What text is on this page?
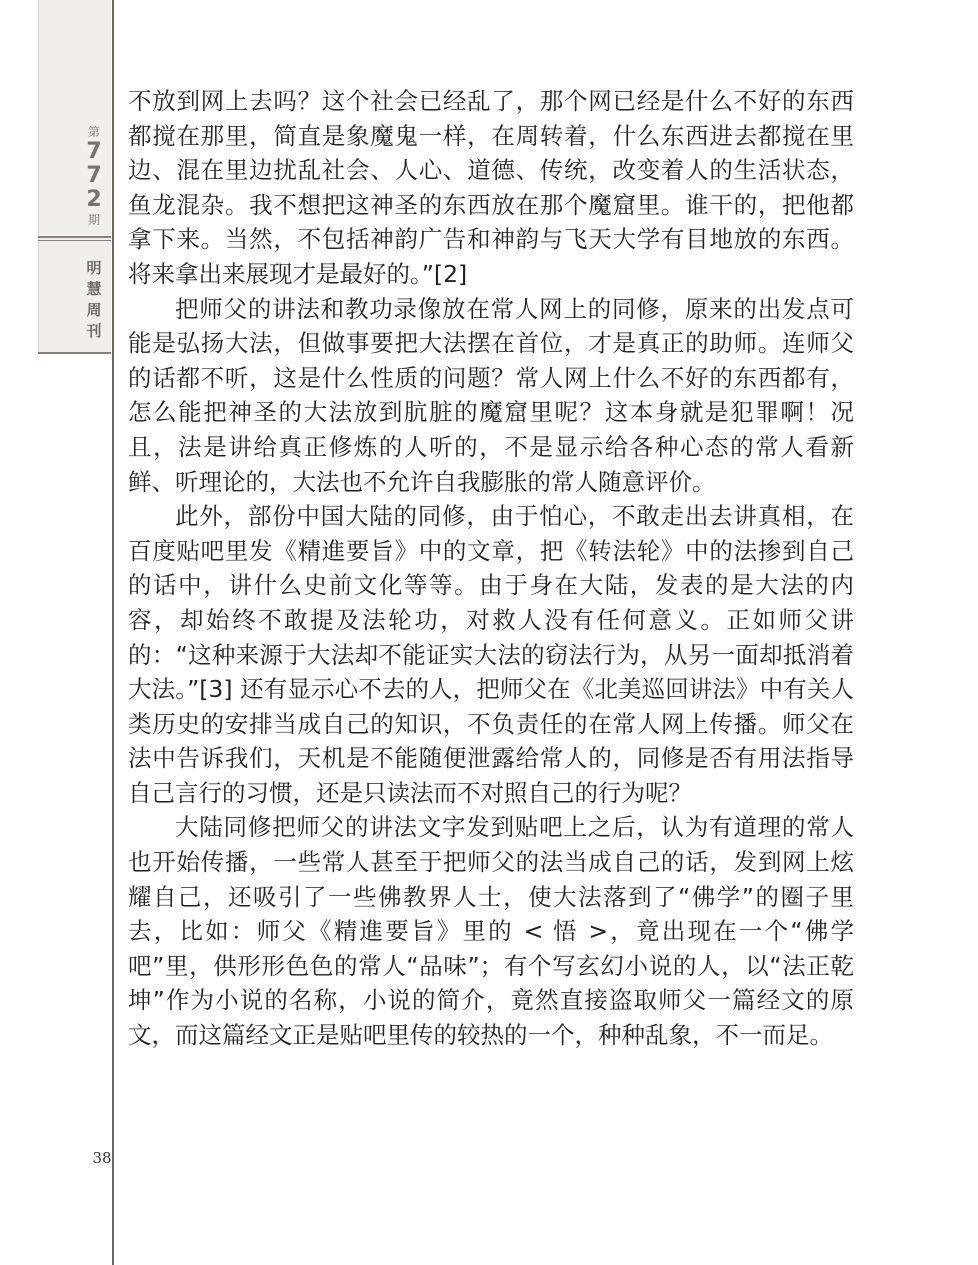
第
7
7
2
期
明
慧
周
刊
38

不放到网上去吗？这个社会已经乱了，那个网已经是什么不好的东西都搅在那里，简直是象魔鬼一样，在周转着，什么东西进去都搅在里边、混在里边扰乱社会、人心、道德、传统，改变着人的生活状态，鱼龙混杂。我不想把这神圣的东西放在那个魔窟里。谁干的，把他都拿下来。当然，不包括神韵广告和神韵与飞天大学有目地放的东西。将来拿出来展现才是最好的。”[2]

把师父的讲法和教功录像放在常人网上的同修，原来的出发点可能是弘扬大法，但做事要把大法摆在首位，才是真正的助师。连师父的话都不听，这是什么性质的问题？常人网上什么不好的东西都有，怎么能把神圣的大法放到肮脏的魔窟里呢？这本身就是犯罪啊！况且，法是讲给真正修炼的人听的，不是显示给各种心态的常人看新鲜、听理论的，大法也不允许自我膨胀的常人随意评价。

此外，部份中国大陆的同修，由于怕心，不敢走出去讲真相，在百度贴吧里发《精進要旨》中的文章，把《转法轮》中的法掺到自己的话中，讲什么史前文化等等。由于身在大陆，发表的是大法的内容，却始终不敢提及法轮功，对救人没有任何意义。正如师父讲的：“这种来源于大法却不能证实大法的窃法行为，从另一面却抵消着大法。”[3] 还有显示心不去的人，把师父在《北美巡回讲法》中有关人类历史的安排当成自己的知识，不负责任的在常人网上传播。师父在法中告诉我们，天机是不能随便泄露给常人的，同修是否有用法指导自己言行的习惯，还是只读法而不对照自己的行为呢？

大陆同修把师父的讲法文字发到贴吧上之后，认为有道理的常人也开始传播，一些常人甚至于把师父的法当成自己的话，发到网上炫耀自己，还吸引了一些佛教界人士，使大法落到了“佛学”的圈子里去，比如：师父《精進要旨》里的 < 悟 >，竟出现在一个“佛学吧”里，供形形色色的常人“品味”；有个写玄幻小说的人，以“法正乾坤”作为小说的名称，小说的简介，竟然直接盗取师父一篇经文的原文，而这篇经文正是贴吧里传的较热的一个，种种乱象，不一而足。
